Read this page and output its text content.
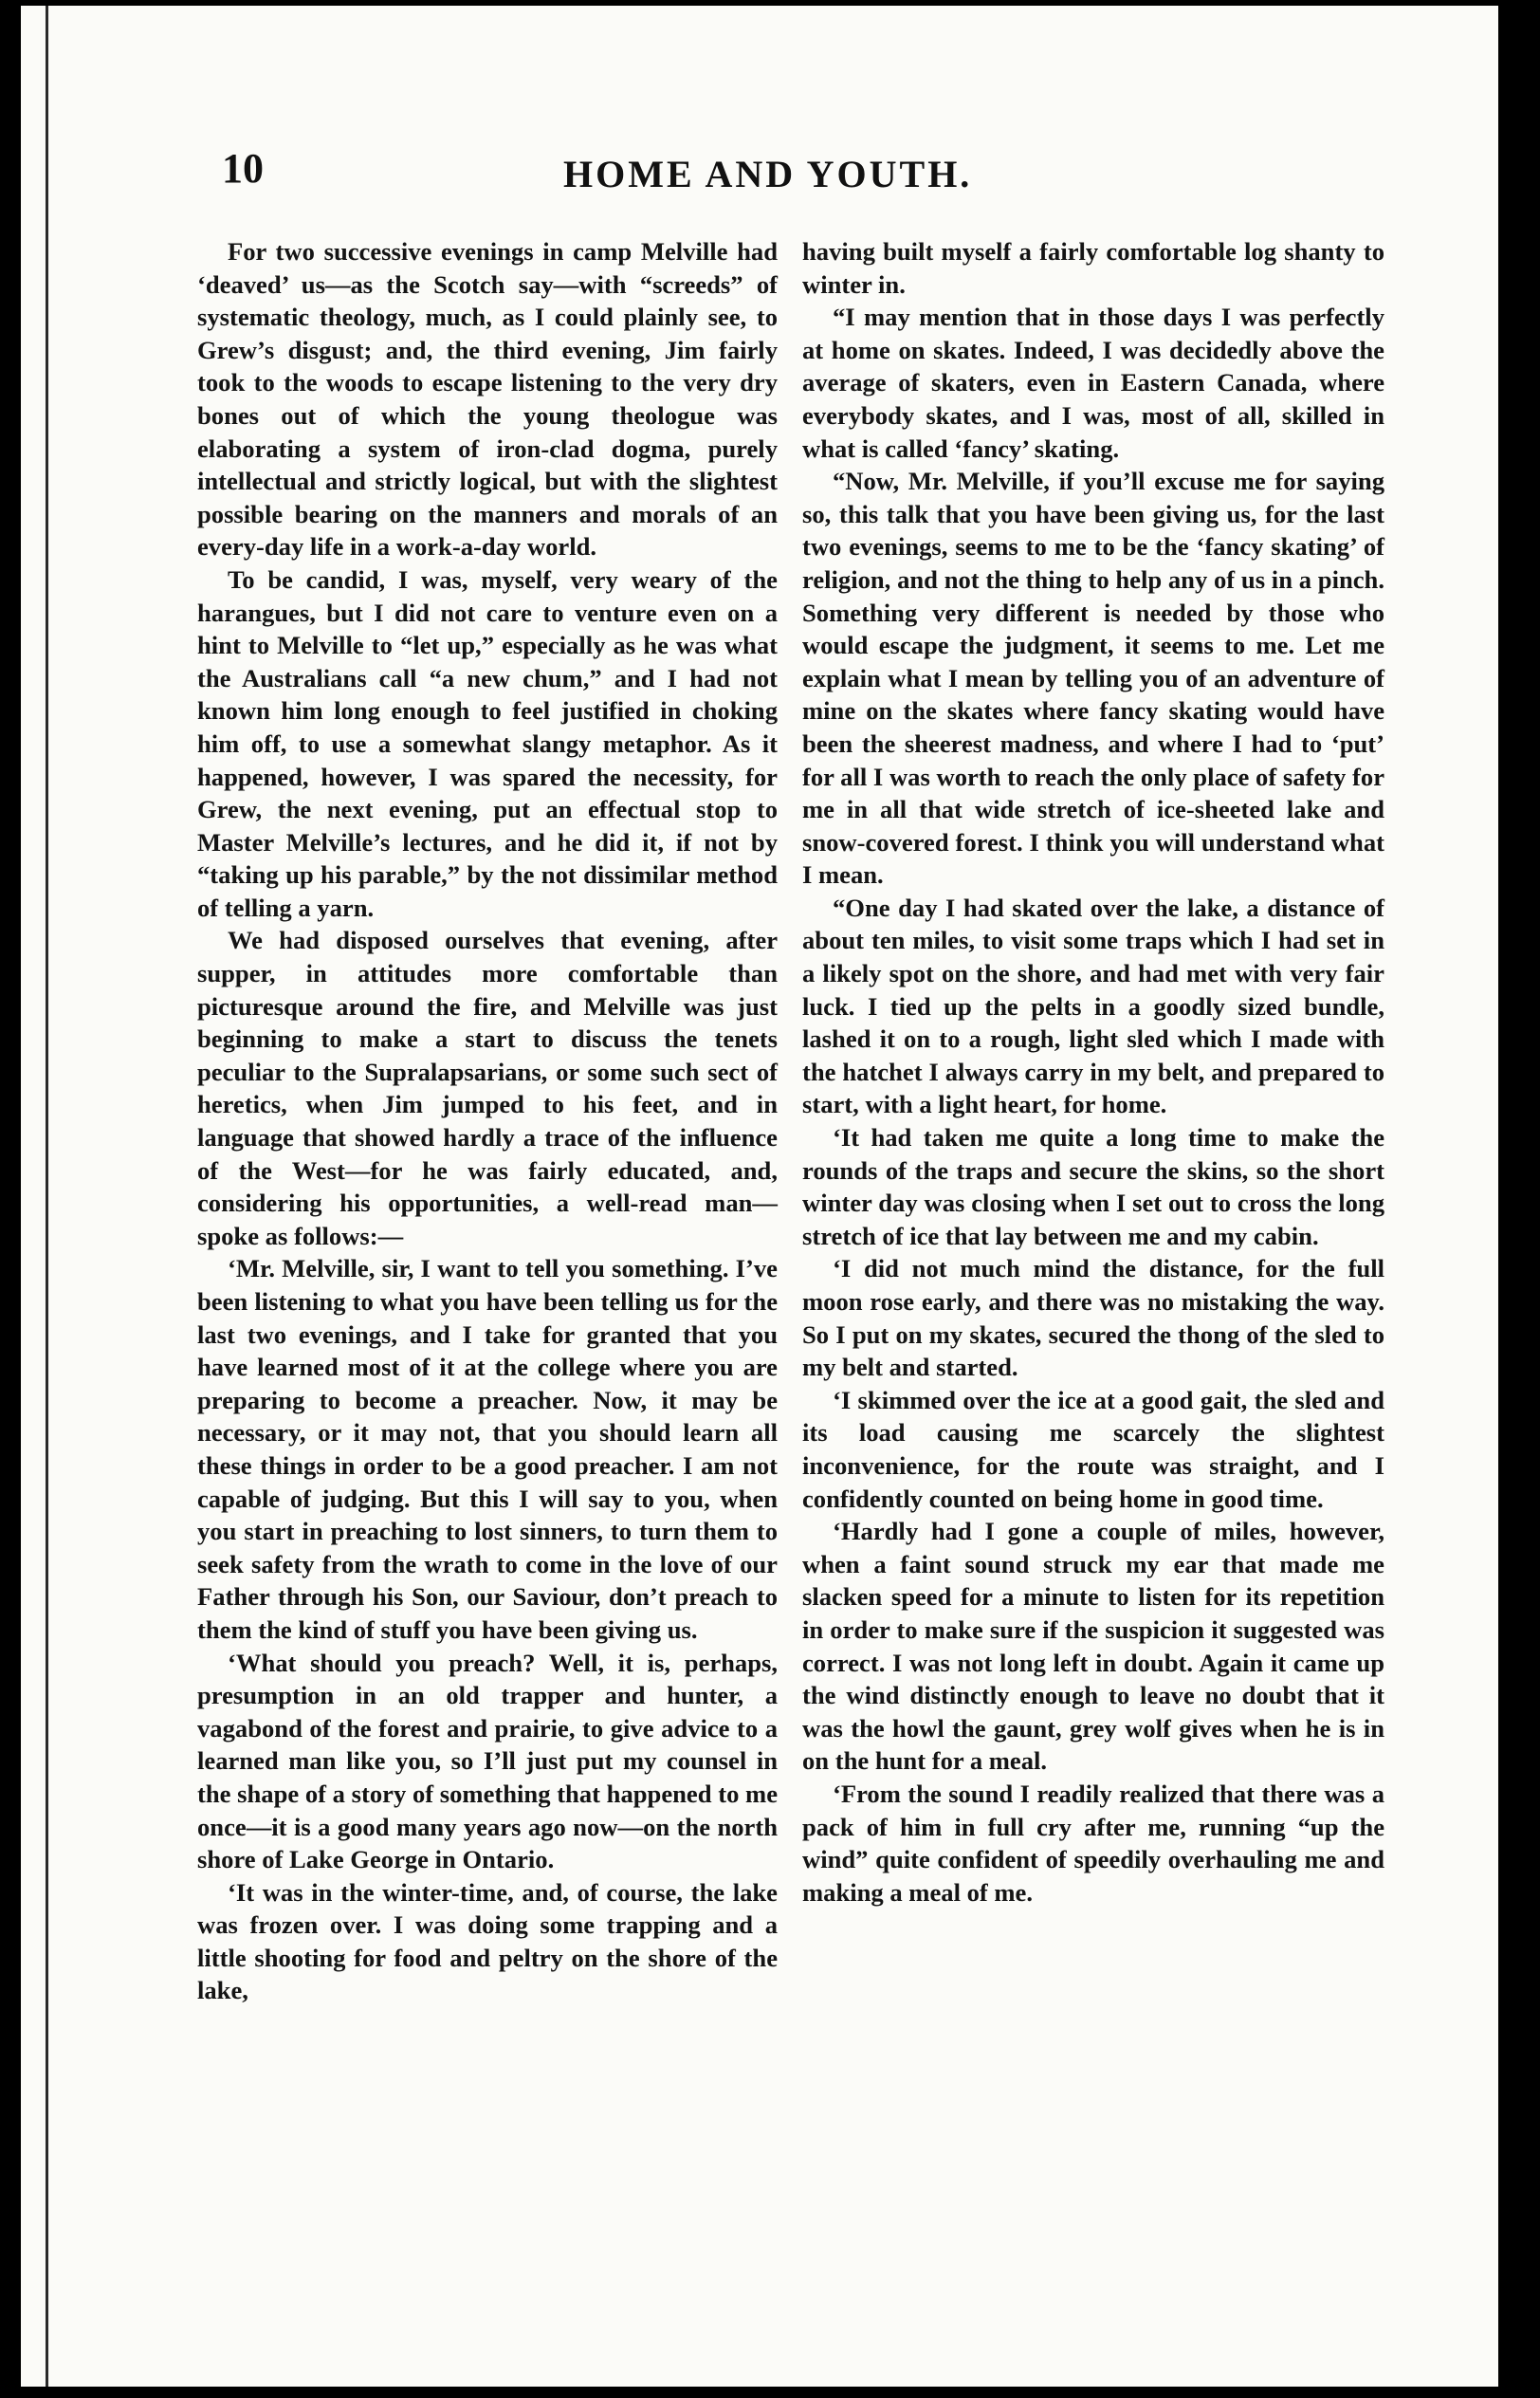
10	HOME AND YOUTH.

For two successive evenings in camp Melville had ‘deaved’ us—as the Scotch say—with “screeds” of systematic theology, much, as I could plainly see, to Grew’s disgust; and, the third evening, Jim fairly took to the woods to escape listening to the very dry bones out of which the young theologue was elaborating a system of iron-clad dogma, purely intellectual and strictly logical, but with the slightest possible bearing on the manners and morals of an every-day life in a work-a-day world.

To be candid, I was, myself, very weary of the harangues, but I did not care to venture even on a hint to Melville to “let up,” especially as he was what the Australians call “a new chum,” and I had not known him long enough to feel justified in choking him off, to use a somewhat slangy metaphor. As it happened, however, I was spared the necessity, for Grew, the next evening, put an effectual stop to Master Melville’s lectures, and he did it, if not by “taking up his parable,” by the not dissimilar method of telling a yarn.

We had disposed ourselves that evening, after supper, in attitudes more comfortable than picturesque around the fire, and Melville was just beginning to make a start to discuss the tenets peculiar to the Supralapsarians, or some such sect of heretics, when Jim jumped to his feet, and in language that showed hardly a trace of the influence of the West—for he was fairly educated, and, considering his opportunities, a well-read man—spoke as follows:—

‘Mr. Melville, sir, I want to tell you something. I’ve been listening to what you have been telling us for the last two evenings, and I take for granted that you have learned most of it at the college where you are preparing to become a preacher. Now, it may be necessary, or it may not, that you should learn all these things in order to be a good preacher. I am not capable of judging. But this I will say to you, when you start in preaching to lost sinners, to turn them to seek safety from the wrath to come in the love of our Father through his Son, our Saviour, don’t preach to them the kind of stuff you have been giving us.

‘What should you preach? Well, it is, perhaps, presumption in an old trapper and hunter, a vagabond of the forest and prairie, to give advice to a learned man like you, so I’ll just put my counsel in the shape of a story of something that happened to me once—it is a good many years ago now—on the north shore of Lake George in Ontario.

‘It was in the winter-time, and, of course, the lake was frozen over. I was doing some trapping and a little shooting for food and peltry on the shore of the lake,

having built myself a fairly comfortable log shanty to winter in.

“I may mention that in those days I was perfectly at home on skates. Indeed, I was decidedly above the average of skaters, even in Eastern Canada, where everybody skates, and I was, most of all, skilled in what is called ‘fancy’ skating.

“Now, Mr. Melville, if you’ll excuse me for saying so, this talk that you have been giving us, for the last two evenings, seems to me to be the ‘fancy skating’ of religion, and not the thing to help any of us in a pinch. Something very different is needed by those who would escape the judgment, it seems to me. Let me explain what I mean by telling you of an adventure of mine on the skates where fancy skating would have been the sheerest madness, and where I had to ‘put’ for all I was worth to reach the only place of safety for me in all that wide stretch of ice-sheeted lake and snow-covered forest. I think you will understand what I mean.

“One day I had skated over the lake, a distance of about ten miles, to visit some traps which I had set in a likely spot on the shore, and had met with very fair luck. I tied up the pelts in a goodly sized bundle, lashed it on to a rough, light sled which I made with the hatchet I always carry in my belt, and prepared to start, with a light heart, for home.

‘It had taken me quite a long time to make the rounds of the traps and secure the skins, so the short winter day was closing when I set out to cross the long stretch of ice that lay between me and my cabin.

‘I did not much mind the distance, for the full moon rose early, and there was no mistaking the way. So I put on my skates, secured the thong of the sled to my belt and started.

‘I skimmed over the ice at a good gait, the sled and its load causing me scarcely the slightest inconvenience, for the route was straight, and I confidently counted on being home in good time.

‘Hardly had I gone a couple of miles, however, when a faint sound struck my ear that made me slacken speed for a minute to listen for its repetition in order to make sure if the suspicion it suggested was correct. I was not long left in doubt. Again it came up the wind distinctly enough to leave no doubt that it was the howl the gaunt, grey wolf gives when he is in on the hunt for a meal.

‘From the sound I readily realized that there was a pack of him in full cry after me, running “up the wind” quite confident of speedily overhauling me and making a meal of me.
